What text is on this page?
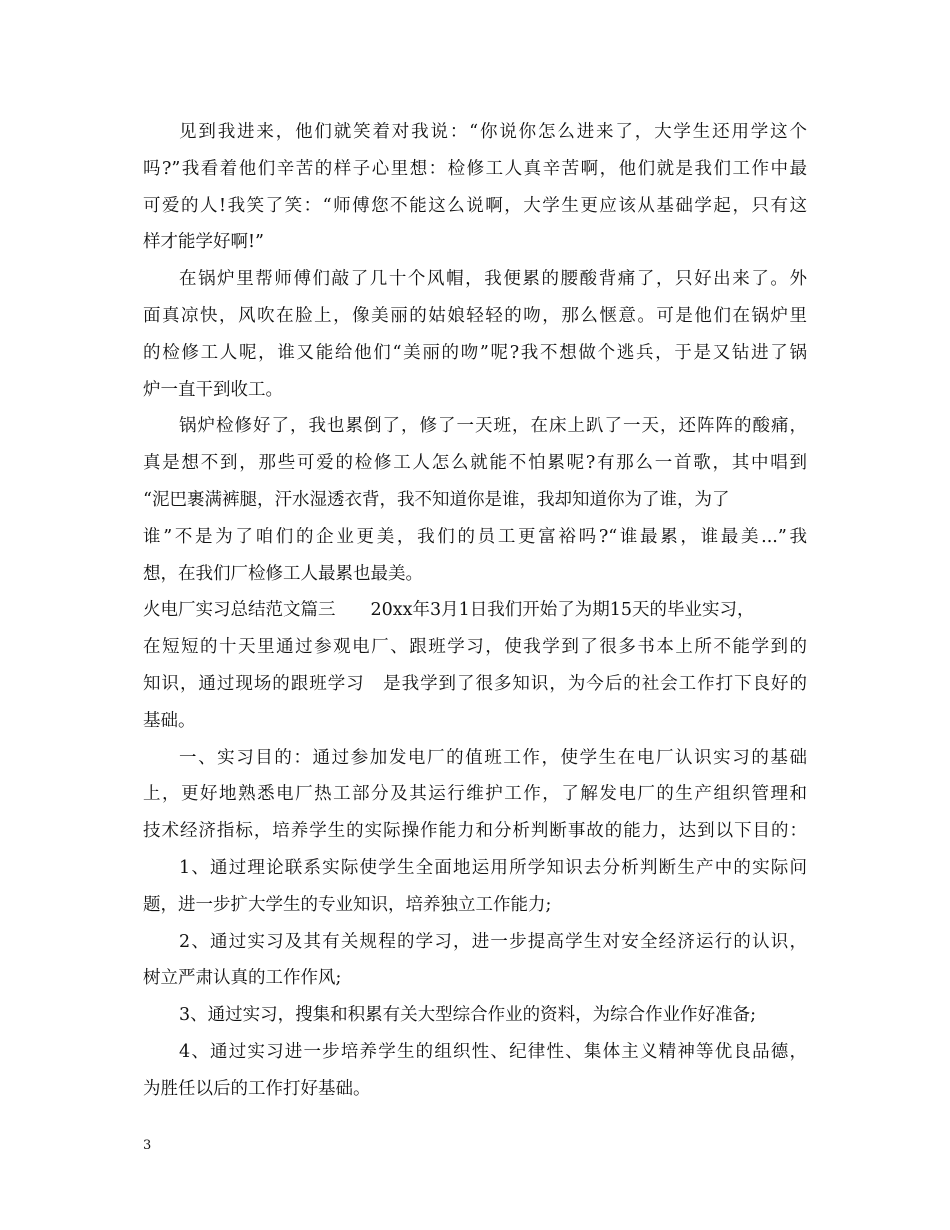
见到我进来，他们就笑着对我说：“你说你怎么进来了，大学生还用学这个
吗?”我看着他们辛苦的样子心里想：检修工人真辛苦啊，他们就是我们工作中最
可爱的人!我笑了笑：“师傅您不能这么说啊，大学生更应该从基础学起，只有这
样才能学好啊!”
在锅炉里帮师傅们敲了几十个风帽，我便累的腰酸背痛了，只好出来了。外
面真凉快，风吹在脸上，像美丽的姑娘轻轻的吻，那么惬意。可是他们在锅炉里
的检修工人呢，谁又能给他们“美丽的吻”呢?我不想做个逃兵，于是又钻进了锅
炉一直干到收工。
锅炉检修好了，我也累倒了，修了一天班，在床上趴了一天，还阵阵的酸痛，
真是想不到，那些可爱的检修工人怎么就能不怕累呢?有那么一首歌，其中唱到
“泥巴裹满裤腿，汗水湿透衣背，我不知道你是谁，我却知道你为了谁，为了
谁”不是为了咱们的企业更美，我们的员工更富裕吗?“谁最累，谁最美...”我
想，在我们厂检修工人最累也最美。
火电厂实习总结范文篇三　　20xx年3月1日我们开始了为期15天的毕业实习，
在短短的十天里通过参观电厂、跟班学习，使我学到了很多书本上所不能学到的
知识，通过现场的跟班学习　是我学到了很多知识，为今后的社会工作打下良好的
基础。
一、实习目的：通过参加发电厂的值班工作，使学生在电厂认识实习的基础
上，更好地熟悉电厂热工部分及其运行维护工作，了解发电厂的生产组织管理和
技术经济指标，培养学生的实际操作能力和分析判断事故的能力，达到以下目的：
1、通过理论联系实际使学生全面地运用所学知识去分析判断生产中的实际问
题，进一步扩大学生的专业知识，培养独立工作能力;
2、通过实习及其有关规程的学习，进一步提高学生对安全经济运行的认识，
树立严肃认真的工作作风;
3、通过实习，搜集和积累有关大型综合作业的资料，为综合作业作好准备;
4、通过实习进一步培养学生的组织性、纪律性、集体主义精神等优良品德，
为胜任以后的工作打好基础。
3
